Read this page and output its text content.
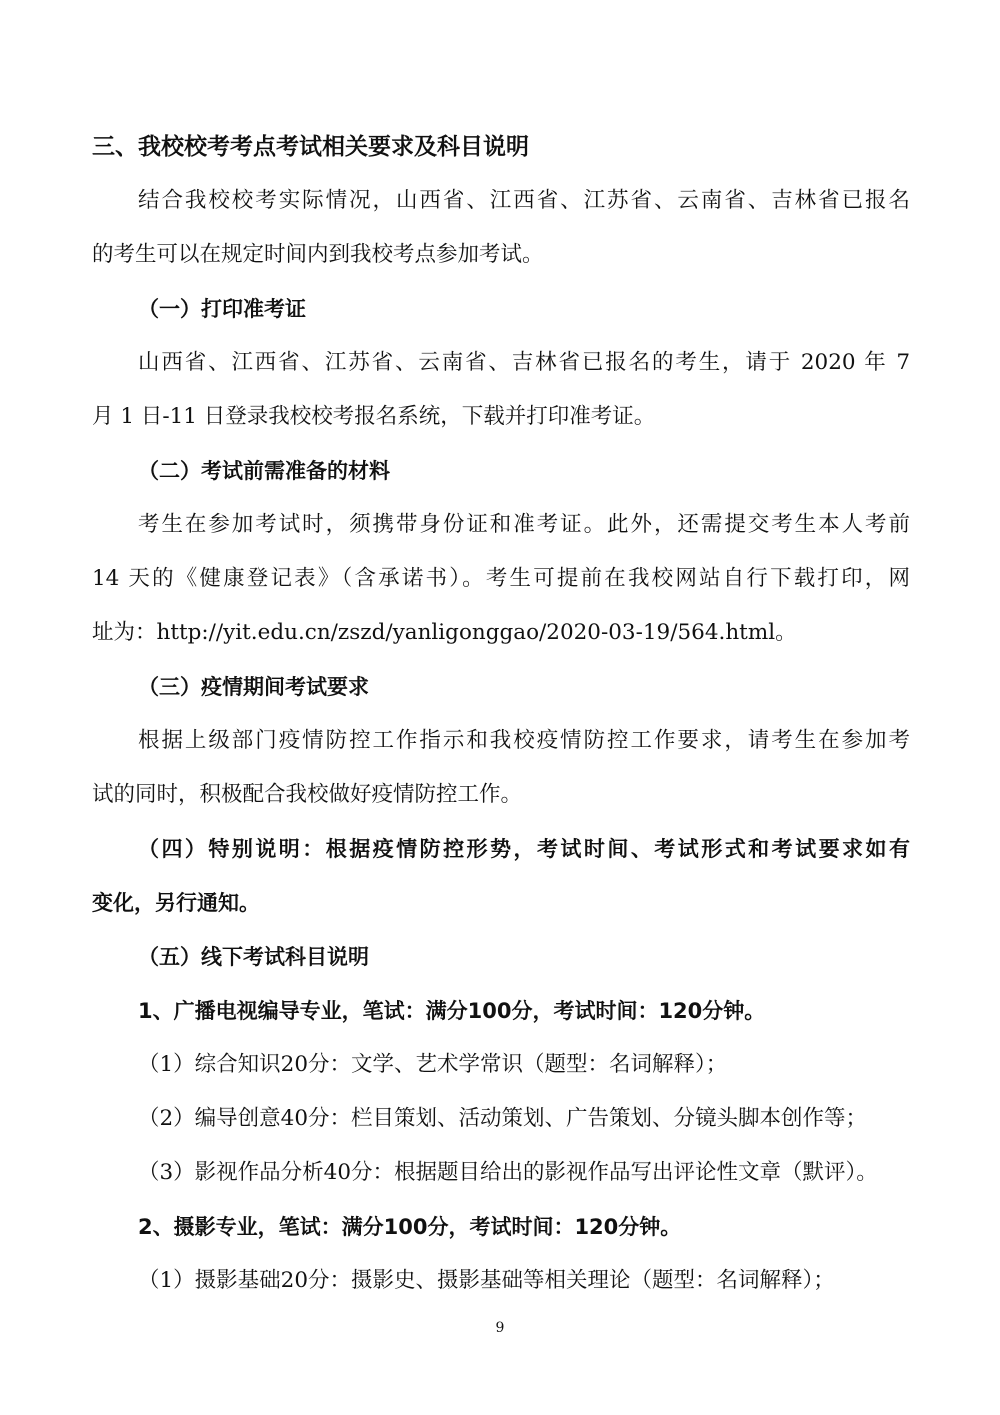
三、我校校考考点考试相关要求及科目说明
结合我校校考实际情况，山西省、江西省、江苏省、云南省、吉林省已报名
的考生可以在规定时间内到我校考点参加考试。
（一）打印准考证
山西省、江西省、江苏省、云南省、吉林省已报名的考生，请于 2020 年 7
月 1 日-11 日登录我校校考报名系统，下载并打印准考证。
（二）考试前需准备的材料
考生在参加考试时，须携带身份证和准考证。此外，还需提交考生本人考前
14 天的《健康登记表》（含承诺书）。考生可提前在我校网站自行下载打印，网
址为：http://yit.edu.cn/zszd/yanligonggao/2020-03-19/564.html。
（三）疫情期间考试要求
根据上级部门疫情防控工作指示和我校疫情防控工作要求，请考生在参加考
试的同时，积极配合我校做好疫情防控工作。
（四）特别说明：根据疫情防控形势，考试时间、考试形式和考试要求如有
变化，另行通知。
（五）线下考试科目说明
1、广播电视编导专业，笔试：满分100分，考试时间：120分钟。
（1）综合知识20分：文学、艺术学常识（题型：名词解释）；
（2）编导创意40分：栏目策划、活动策划、广告策划、分镜头脚本创作等；
（3）影视作品分析40分：根据题目给出的影视作品写出评论性文章（默评）。
2、摄影专业，笔试：满分100分，考试时间：120分钟。
（1）摄影基础20分：摄影史、摄影基础等相关理论（题型：名词解释）；
9
